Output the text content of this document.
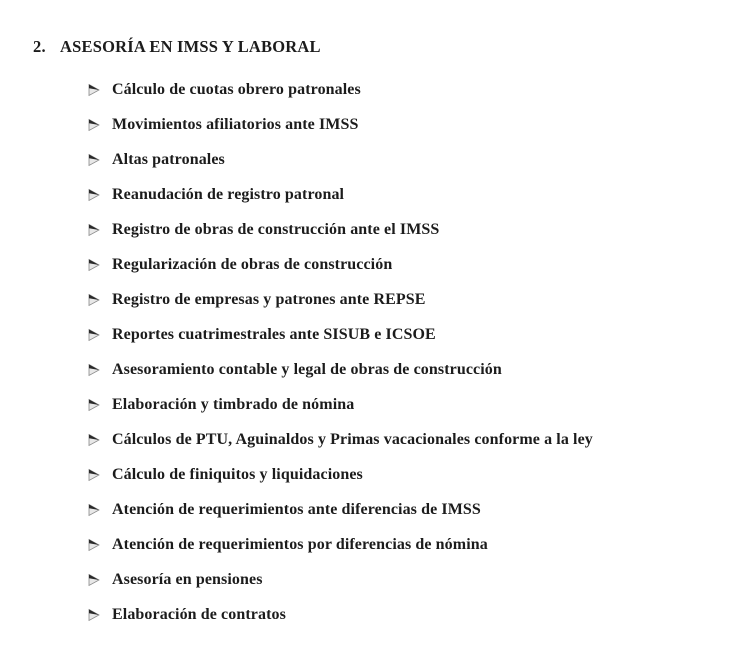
2. ASESORÍA EN IMSS Y LABORAL
Cálculo de cuotas obrero patronales
Movimientos afiliatorios ante IMSS
Altas patronales
Reanudación de registro patronal
Registro de obras de construcción ante el IMSS
Regularización de obras de construcción
Registro de empresas y patrones ante REPSE
Reportes cuatrimestrales ante SISUB e ICSOE
Asesoramiento contable y legal de obras de construcción
Elaboración y timbrado de nómina
Cálculos de PTU, Aguinaldos y Primas vacacionales conforme a la ley
Cálculo de finiquitos y liquidaciones
Atención de requerimientos ante diferencias de IMSS
Atención de requerimientos por diferencias de nómina
Asesoría en pensiones
Elaboración de contratos
